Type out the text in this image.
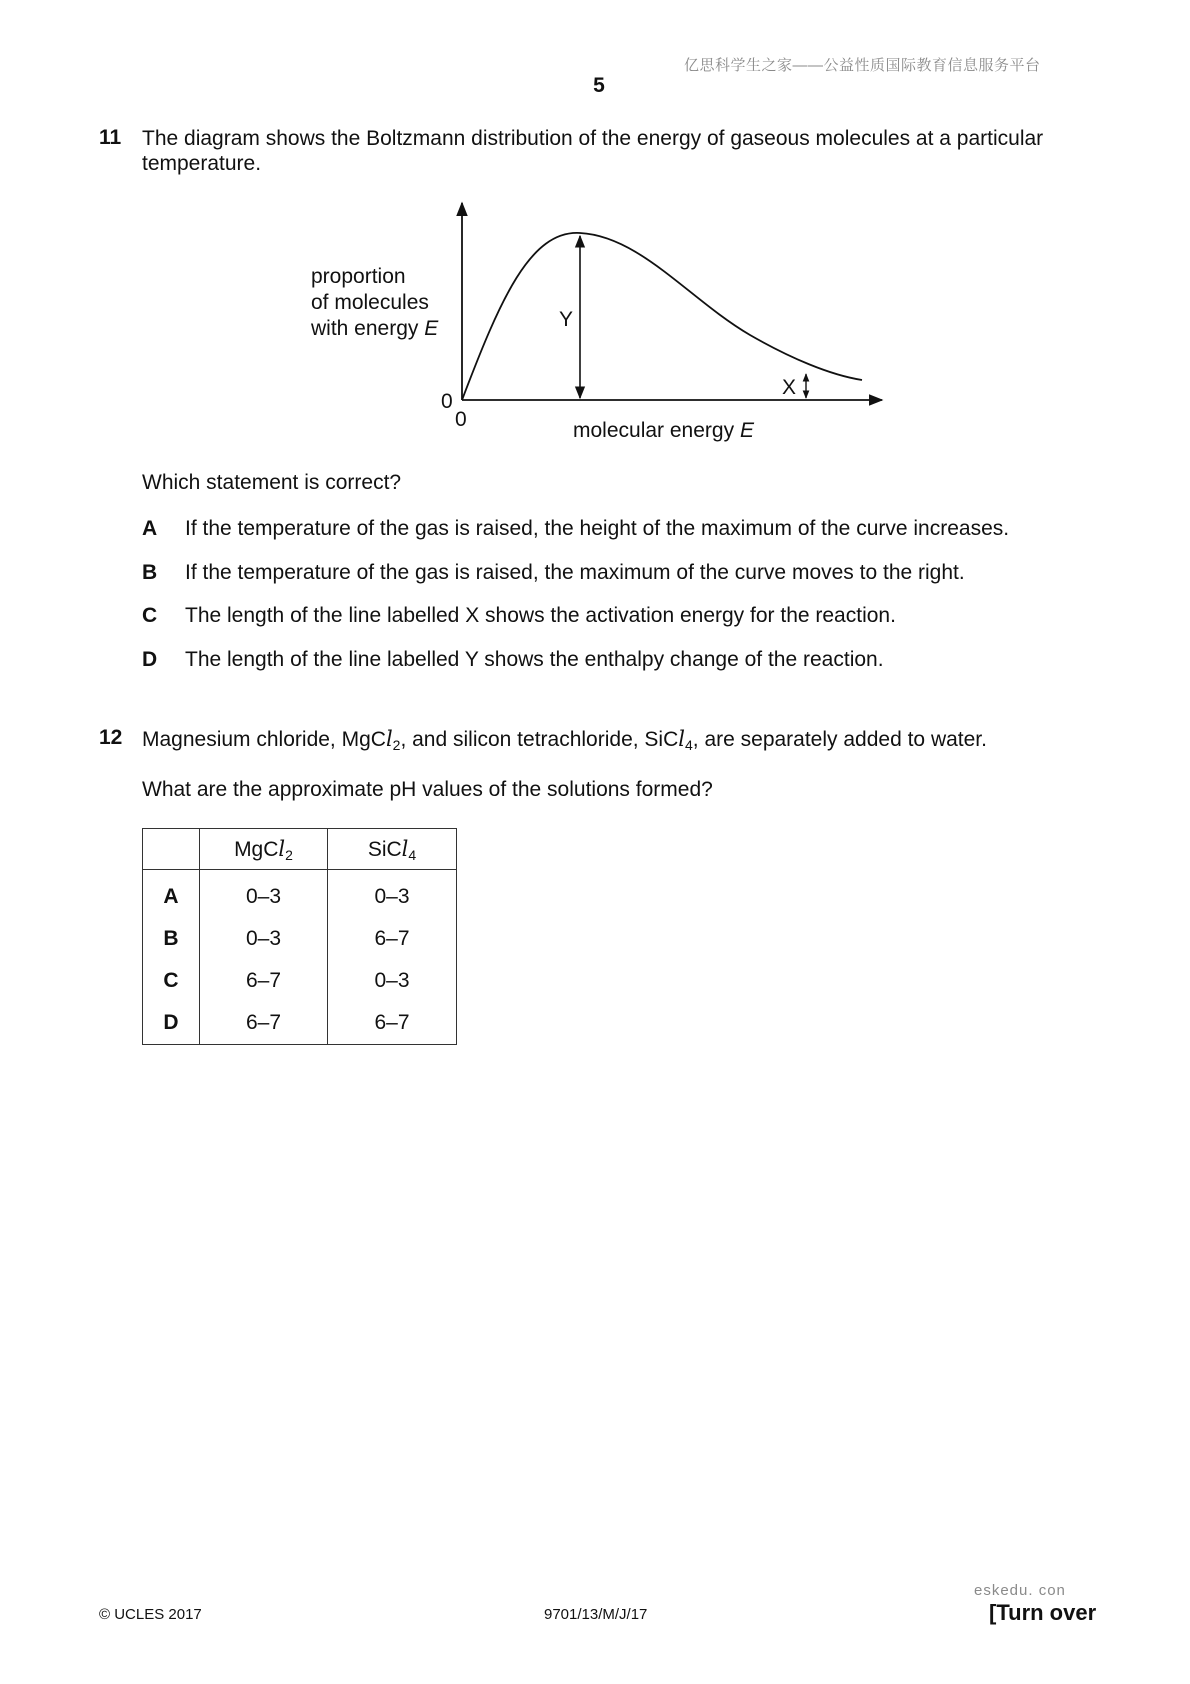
亿思科学生之家——公益性质国际教育信息服务平台
5
11 The diagram shows the Boltzmann distribution of the energy of gaseous molecules at a particular
temperature.
proportion
of molecules
with energy E
0
0	molecular energy E
Y
X
Which statement is correct?
A If the temperature of the gas is raised, the height of the maximum of the curve increases.
B If the temperature of the gas is raised, the maximum of the curve moves to the right.
C The length of the line labelled X shows the activation energy for the reaction.
D The length of the line labelled Y shows the enthalpy change of the reaction.
12 Magnesium chloride, MgCl$_2$, and silicon tetrachloride, SiCl$_4$, are separately added to water.
What are the approximate pH values of the solutions formed?
	MgCl$_2$	SiCl$_4$
A	0–3	0–3
B	0–3	6–7
C	6–7	0–3
D	6–7	6–7
eskedu. con
© UCLES 2017	9701/13/M/J/17	[Turn over
